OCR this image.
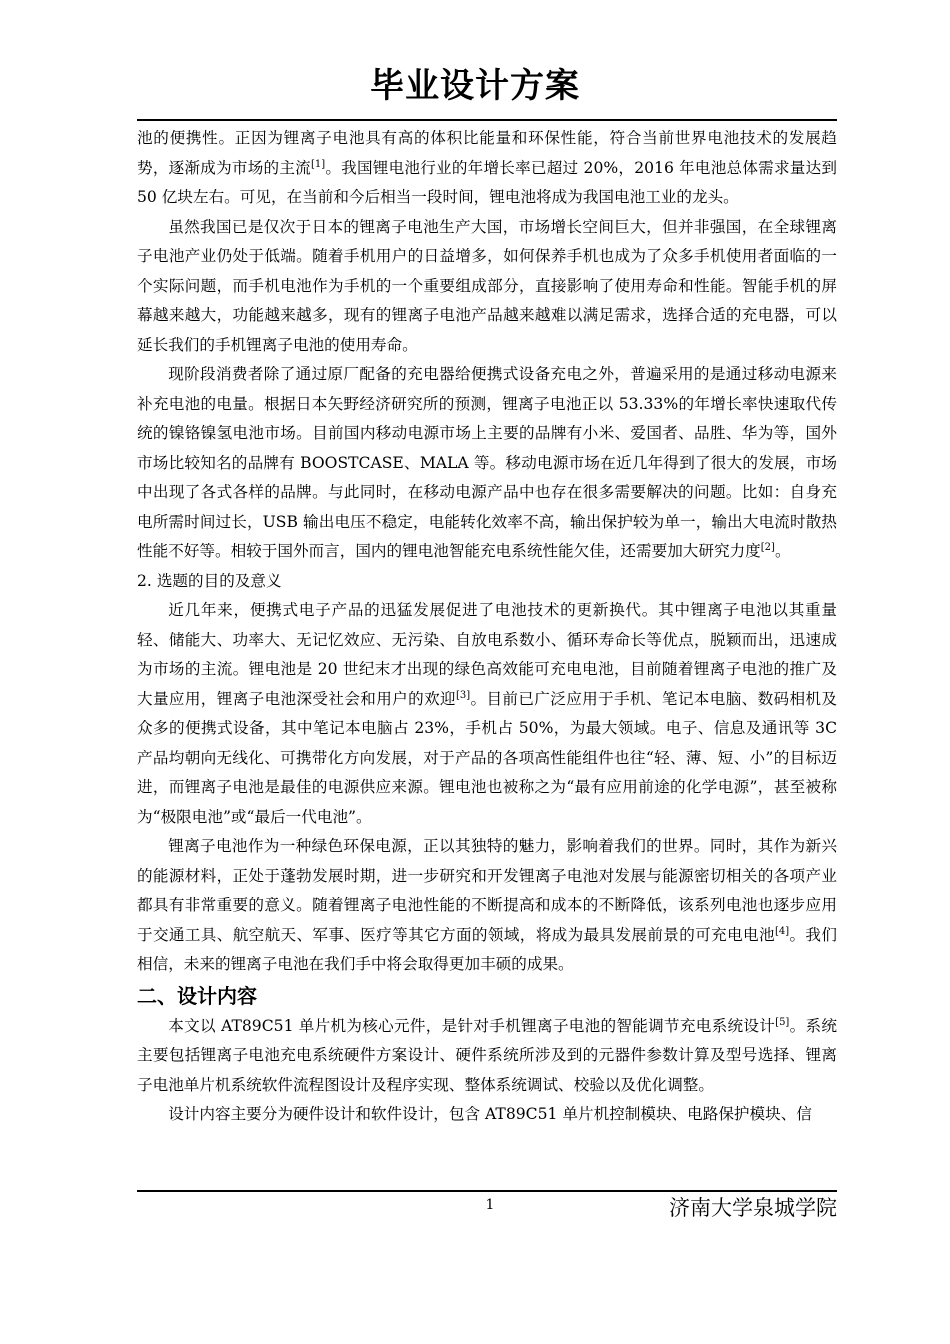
毕业设计方案

池的便携性。正因为锂离子电池具有高的体积比能量和环保性能，符合当前世界电池技术的发展趋势，逐渐成为市场的主流[1]。我国锂电池行业的年增长率已超过 20%，2016 年电池总体需求量达到 50 亿块左右。可见，在当前和今后相当一段时间，锂电池将成为我国电池工业的龙头。

虽然我国已是仅次于日本的锂离子电池生产大国，市场增长空间巨大，但并非强国，在全球锂离子电池产业仍处于低端。随着手机用户的日益增多，如何保养手机也成为了众多手机使用者面临的一个实际问题，而手机电池作为手机的一个重要组成部分，直接影响了使用寿命和性能。智能手机的屏幕越来越大，功能越来越多，现有的锂离子电池产品越来越难以满足需求，选择合适的充电器，可以延长我们的手机锂离子电池的使用寿命。

现阶段消费者除了通过原厂配备的充电器给便携式设备充电之外，普遍采用的是通过移动电源来补充电池的电量。根据日本矢野经济研究所的预测，锂离子电池正以 53.33%的年增长率快速取代传统的镍铬镍氢电池市场。目前国内移动电源市场上主要的品牌有小米、爱国者、品胜、华为等，国外市场比较知名的品牌有 BOOSTCASE、MALA 等。移动电源市场在近几年得到了很大的发展，市场中出现了各式各样的品牌。与此同时，在移动电源产品中也存在很多需要解决的问题。比如：自身充电所需时间过长，USB 输出电压不稳定，电能转化效率不高，输出保护较为单一，输出大电流时散热性能不好等。相较于国外而言，国内的锂电池智能充电系统性能欠佳，还需要加大研究力度[2]。

2. 选题的目的及意义

近几年来，便携式电子产品的迅猛发展促进了电池技术的更新换代。其中锂离子电池以其重量轻、储能大、功率大、无记忆效应、无污染、自放电系数小、循环寿命长等优点，脱颖而出，迅速成为市场的主流。锂电池是 20 世纪末才出现的绿色高效能可充电电池，目前随着锂离子电池的推广及大量应用，锂离子电池深受社会和用户的欢迎[3]。目前已广泛应用于手机、笔记本电脑、数码相机及众多的便携式设备，其中笔记本电脑占 23%，手机占 50%，为最大领域。电子、信息及通讯等 3C 产品均朝向无线化、可携带化方向发展，对于产品的各项高性能组件也往“轻、薄、短、小”的目标迈进，而锂离子电池是最佳的电源供应来源。锂电池也被称之为“最有应用前途的化学电源”，甚至被称为“极限电池”或“最后一代电池”。

锂离子电池作为一种绿色环保电源，正以其独特的魅力，影响着我们的世界。同时，其作为新兴的能源材料，正处于蓬勃发展时期，进一步研究和开发锂离子电池对发展与能源密切相关的各项产业都具有非常重要的意义。随着锂离子电池性能的不断提高和成本的不断降低，该系列电池也逐步应用于交通工具、航空航天、军事、医疗等其它方面的领域，将成为最具发展前景的可充电电池[4]。我们相信，未来的锂离子电池在我们手中将会取得更加丰硕的成果。

二、设计内容

本文以 AT89C51 单片机为核心元件，是针对手机锂离子电池的智能调节充电系统设计[5]。系统主要包括锂离子电池充电系统硬件方案设计、硬件系统所涉及到的元器件参数计算及型号选择、锂离子电池单片机系统软件流程图设计及程序实现、整体系统调试、校验以及优化调整。

设计内容主要分为硬件设计和软件设计，包含 AT89C51 单片机控制模块、电路保护模块、信

1	济南大学泉城学院
